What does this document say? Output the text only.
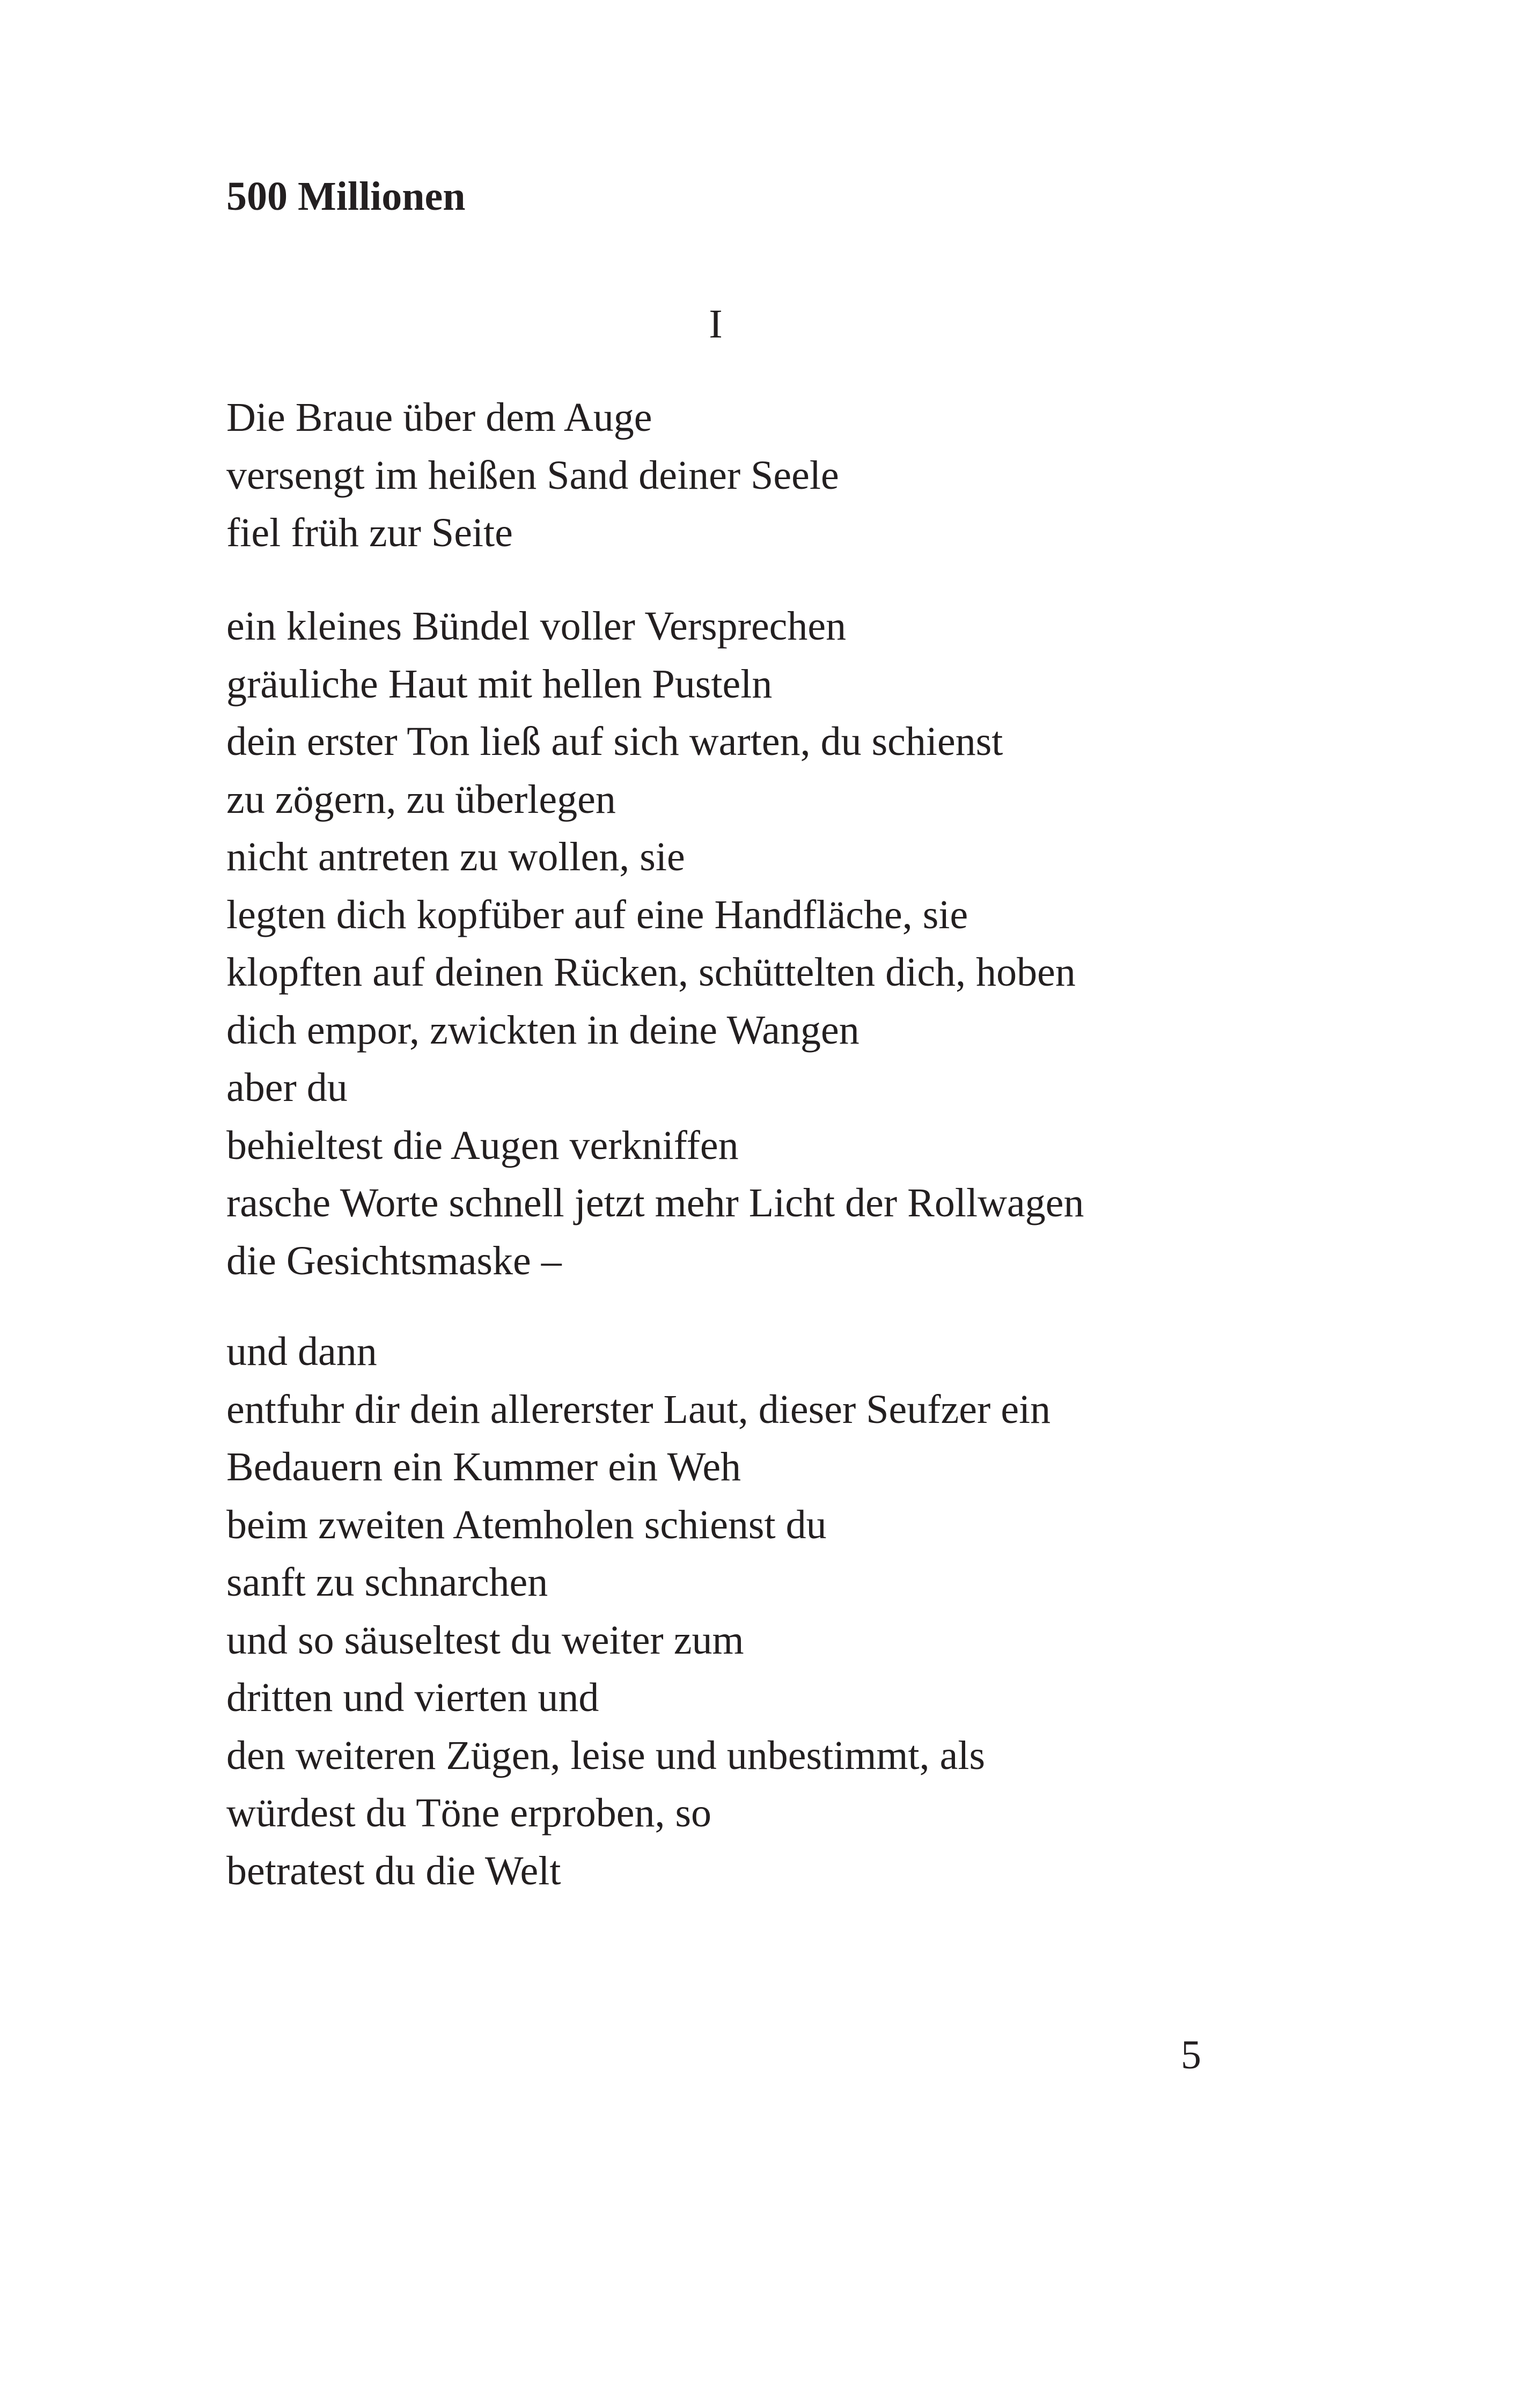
500 Millionen

I

Die Braue über dem Auge
versengt im heißen Sand deiner Seele
fiel früh zur Seite
ein kleines Bündel voller Versprechen
gräuliche Haut mit hellen Pusteln
dein erster Ton ließ auf sich warten, du schienst
zu zögern, zu überlegen
nicht antreten zu wollen, sie
legten dich kopfüber auf eine Handfläche, sie
klopften auf deinen Rücken, schüttelten dich, hoben
dich empor, zwickten in deine Wangen
aber du
behieltest die Augen verkniffen
rasche Worte schnell jetzt mehr Licht der Rollwagen
die Gesichtsmaske –
und dann
entfuhr dir dein allererster Laut, dieser Seufzer ein
Bedauern ein Kummer ein Weh
beim zweiten Atemholen schienst du
sanft zu schnarchen
und so säuseltest du weiter zum
dritten und vierten und
den weiteren Zügen, leise und unbestimmt, als
würdest du Töne erproben, so
betratest du die Welt

5
